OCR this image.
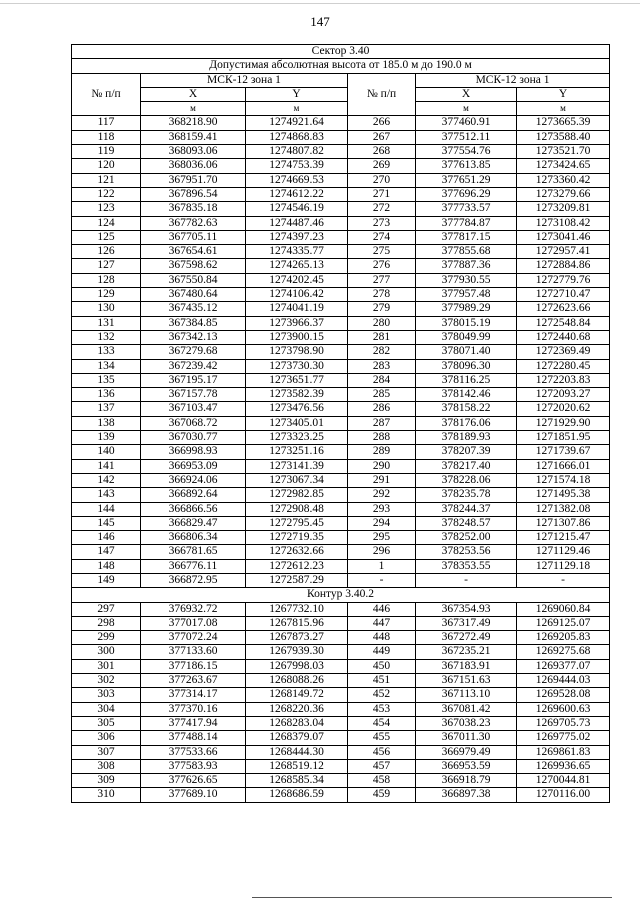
147
Сектор 3.40					
Допустимая абсолютная высота от 185.0 м до 190.0 м					
№ п/п	МСК-12 зона 1		№ п/п	МСК-12 зона 1	
	X	Y		X	Y
	м	м		м	м
117	368218.90	1274921.64	266	377460.91	1273665.39
118	368159.41	1274868.83	267	377512.11	1273588.40
119	368093.06	1274807.82	268	377554.76	1273521.70
120	368036.06	1274753.39	269	377613.85	1273424.65
121	367951.70	1274669.53	270	377651.29	1273360.42
122	367896.54	1274612.22	271	377696.29	1273279.66
123	367835.18	1274546.19	272	377733.57	1273209.81
124	367782.63	1274487.46	273	377784.87	1273108.42
125	367705.11	1274397.23	274	377817.15	1273041.46
126	367654.61	1274335.77	275	377855.68	1272957.41
127	367598.62	1274265.13	276	377887.36	1272884.86
128	367550.84	1274202.45	277	377930.55	1272779.76
129	367480.64	1274106.42	278	377957.48	1272710.47
130	367435.12	1274041.19	279	377989.29	1272623.66
131	367384.85	1273966.37	280	378015.19	1272548.84
132	367342.13	1273900.15	281	378049.99	1272440.68
133	367279.68	1273798.90	282	378071.40	1272369.49
134	367239.42	1273730.30	283	378096.30	1272280.45
135	367195.17	1273651.77	284	378116.25	1272203.83
136	367157.78	1273582.39	285	378142.46	1272093.27
137	367103.47	1273476.56	286	378158.22	1272020.62
138	367068.72	1273405.01	287	378176.06	1271929.90
139	367030.77	1273323.25	288	378189.93	1271851.95
140	366998.93	1273251.16	289	378207.39	1271739.67
141	366953.09	1273141.39	290	378217.40	1271666.01
142	366924.06	1273067.34	291	378228.06	1271574.18
143	366892.64	1272982.85	292	378235.78	1271495.38
144	366866.56	1272908.48	293	378244.37	1271382.08
145	366829.47	1272795.45	294	378248.57	1271307.86
146	366806.34	1272719.35	295	378252.00	1271215.47
147	366781.65	1272632.66	296	378253.56	1271129.46
148	366776.11	1272612.23	1	378353.55	1271129.18
149	366872.95	1272587.29	-	-	-
Контур 3.40.2					
297	376932.72	1267732.10	446	367354.93	1269060.84
298	377017.08	1267815.96	447	367317.49	1269125.07
299	377072.24	1267873.27	448	367272.49	1269205.83
300	377133.60	1267939.30	449	367235.21	1269275.68
301	377186.15	1267998.03	450	367183.91	1269377.07
302	377263.67	1268088.26	451	367151.63	1269444.03
303	377314.17	1268149.72	452	367113.10	1269528.08
304	377370.16	1268220.36	453	367081.42	1269600.63
305	377417.94	1268283.04	454	367038.23	1269705.73
306	377488.14	1268379.07	455	367011.30	1269775.02
307	377533.66	1268444.30	456	366979.49	1269861.83
308	377583.93	1268519.12	457	366953.59	1269936.65
309	377626.65	1268585.34	458	366918.79	1270044.81
310	377689.10	1268686.59	459	366897.38	1270116.00
